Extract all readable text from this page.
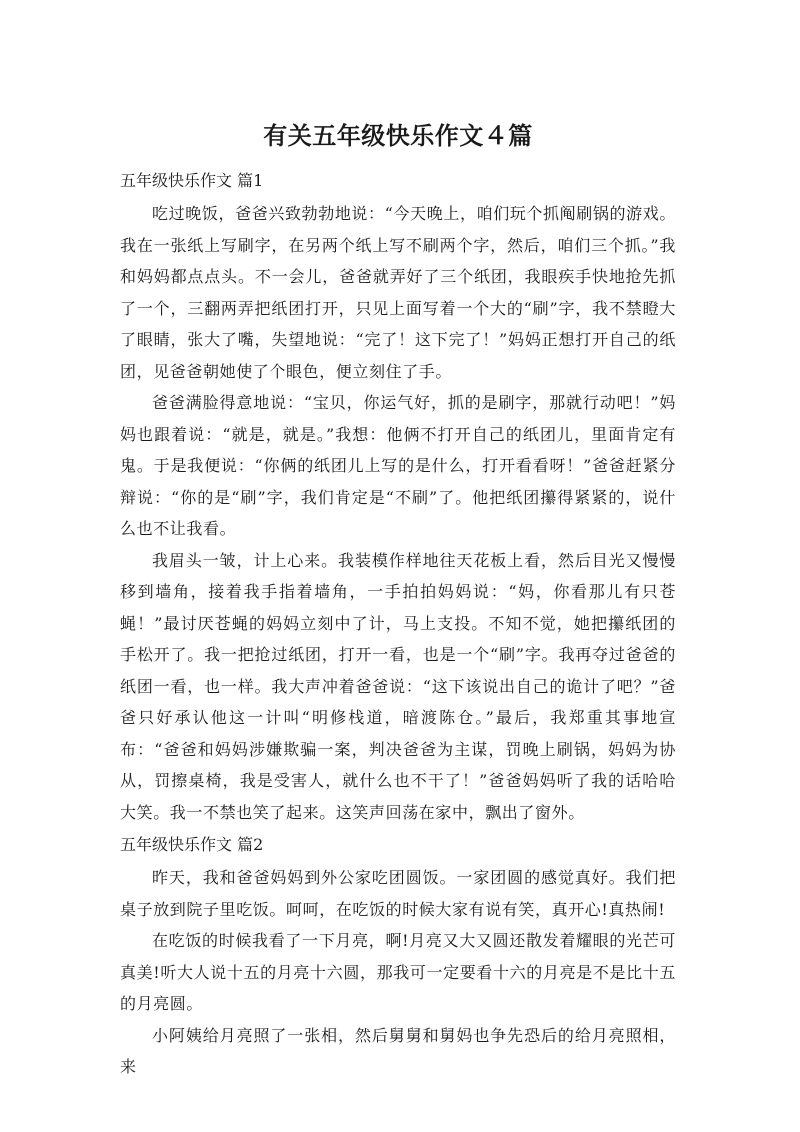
有关五年级快乐作文４篇

五年级快乐作文 篇1

吃过晚饭，爸爸兴致勃勃地说：“今天晚上，咱们玩个抓阄刷锅的游戏。我在一张纸上写刷字，在另两个纸上写不刷两个字，然后，咱们三个抓。”我和妈妈都点点头。不一会儿，爸爸就弄好了三个纸团，我眼疾手快地抢先抓了一个，三翻两弄把纸团打开，只见上面写着一个大的“刷”字，我不禁瞪大了眼睛，张大了嘴，失望地说：“完了！这下完了！”妈妈正想打开自己的纸团，见爸爸朝她使了个眼色，便立刻住了手。

爸爸满脸得意地说：“宝贝，你运气好，抓的是刷字，那就行动吧！”妈妈也跟着说：“就是，就是。”我想：他俩不打开自己的纸团儿，里面肯定有鬼。于是我便说：“你俩的纸团儿上写的是什么，打开看看呀！”爸爸赶紧分辩说：“你的是“刷”字，我们肯定是“不刷”了。他把纸团攥得紧紧的，说什么也不让我看。

我眉头一皱，计上心来。我装模作样地往天花板上看，然后目光又慢慢移到墙角，接着我手指着墙角，一手拍拍妈妈说：“妈，你看那儿有只苍蝇！”最讨厌苍蝇的妈妈立刻中了计，马上支投。不知不觉，她把攥纸团的手松开了。我一把抢过纸团，打开一看，也是一个“刷”字。我再夺过爸爸的纸团一看，也一样。我大声冲着爸爸说：“这下该说出自己的诡计了吧？”爸爸只好承认他这一计叫“明修栈道，暗渡陈仓。”最后，我郑重其事地宣布：“爸爸和妈妈涉嫌欺骗一案，判决爸爸为主谋，罚晚上刷锅，妈妈为协从，罚擦桌椅，我是受害人，就什么也不干了！”爸爸妈妈听了我的话哈哈大笑。我一不禁也笑了起来。这笑声回荡在家中，飘出了窗外。

五年级快乐作文 篇2

昨天，我和爸爸妈妈到外公家吃团圆饭。一家团圆的感觉真好。我们把桌子放到院子里吃饭。呵呵，在吃饭的时候大家有说有笑，真开心!真热闹!

在吃饭的时候我看了一下月亮，啊!月亮又大又圆还散发着耀眼的光芒可真美!听大人说十五的月亮十六圆，那我可一定要看十六的月亮是不是比十五的月亮圆。

小阿姨给月亮照了一张相，然后舅舅和舅妈也争先恐后的给月亮照相，来
